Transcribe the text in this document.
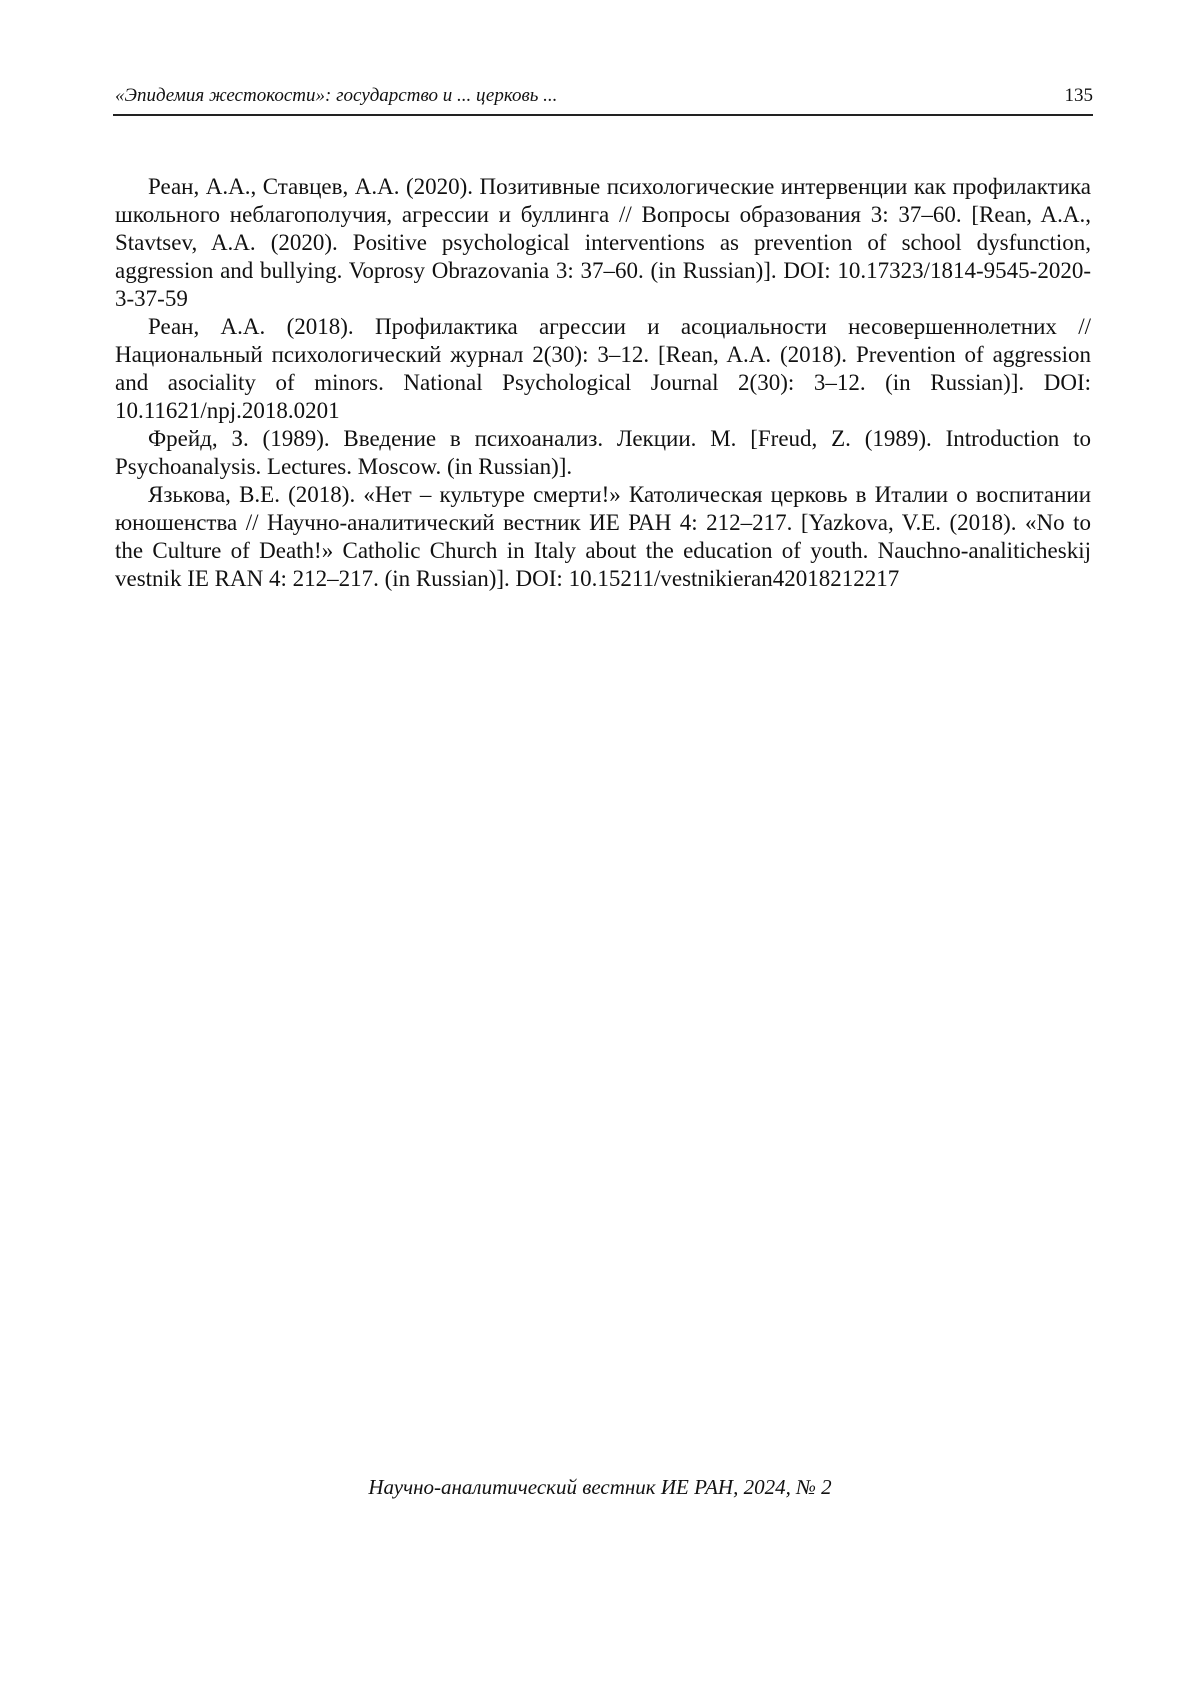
«Эпидемия жестокости»: государство и ... церковь ...	135

Реан, А.А., Ставцев, А.А. (2020). Позитивные психологические интервенции как профилактика школьного неблагополучия, агрессии и буллинга // Вопросы образования 3: 37–60. [Rean, A.A., Stavtsev, A.A. (2020). Positive psychological interventions as prevention of school dysfunction, aggression and bullying. Voprosy Obrazovania 3: 37–60. (in Russian)]. DOI: 10.17323/1814-9545-2020-3-37-59

Реан, А.А. (2018). Профилактика агрессии и асоциальности несовершеннолетних // Национальный психологический журнал 2(30): 3–12. [Rean, A.A. (2018). Prevention of aggression and asociality of minors. National Psychological Journal 2(30): 3–12. (in Russian)]. DOI: 10.11621/npj.2018.0201

Фрейд, З. (1989). Введение в психоанализ. Лекции. М. [Freud, Z. (1989). Introduction to Psychoanalysis. Lectures. Moscow. (in Russian)].

Язькова, В.Е. (2018). «Нет – культуре смерти!» Католическая церковь в Италии о воспитании юношенства // Научно-аналитический вестник ИЕ РАН 4: 212–217. [Yazkova, V.E. (2018). «No to the Culture of Death!» Catholic Church in Italy about the education of youth. Nauchno-analiticheskij vestnik IE RAN 4: 212–217. (in Russian)]. DOI: 10.15211/vestnikieran42018212217

Научно-аналитический вестник ИЕ РАН, 2024, № 2
